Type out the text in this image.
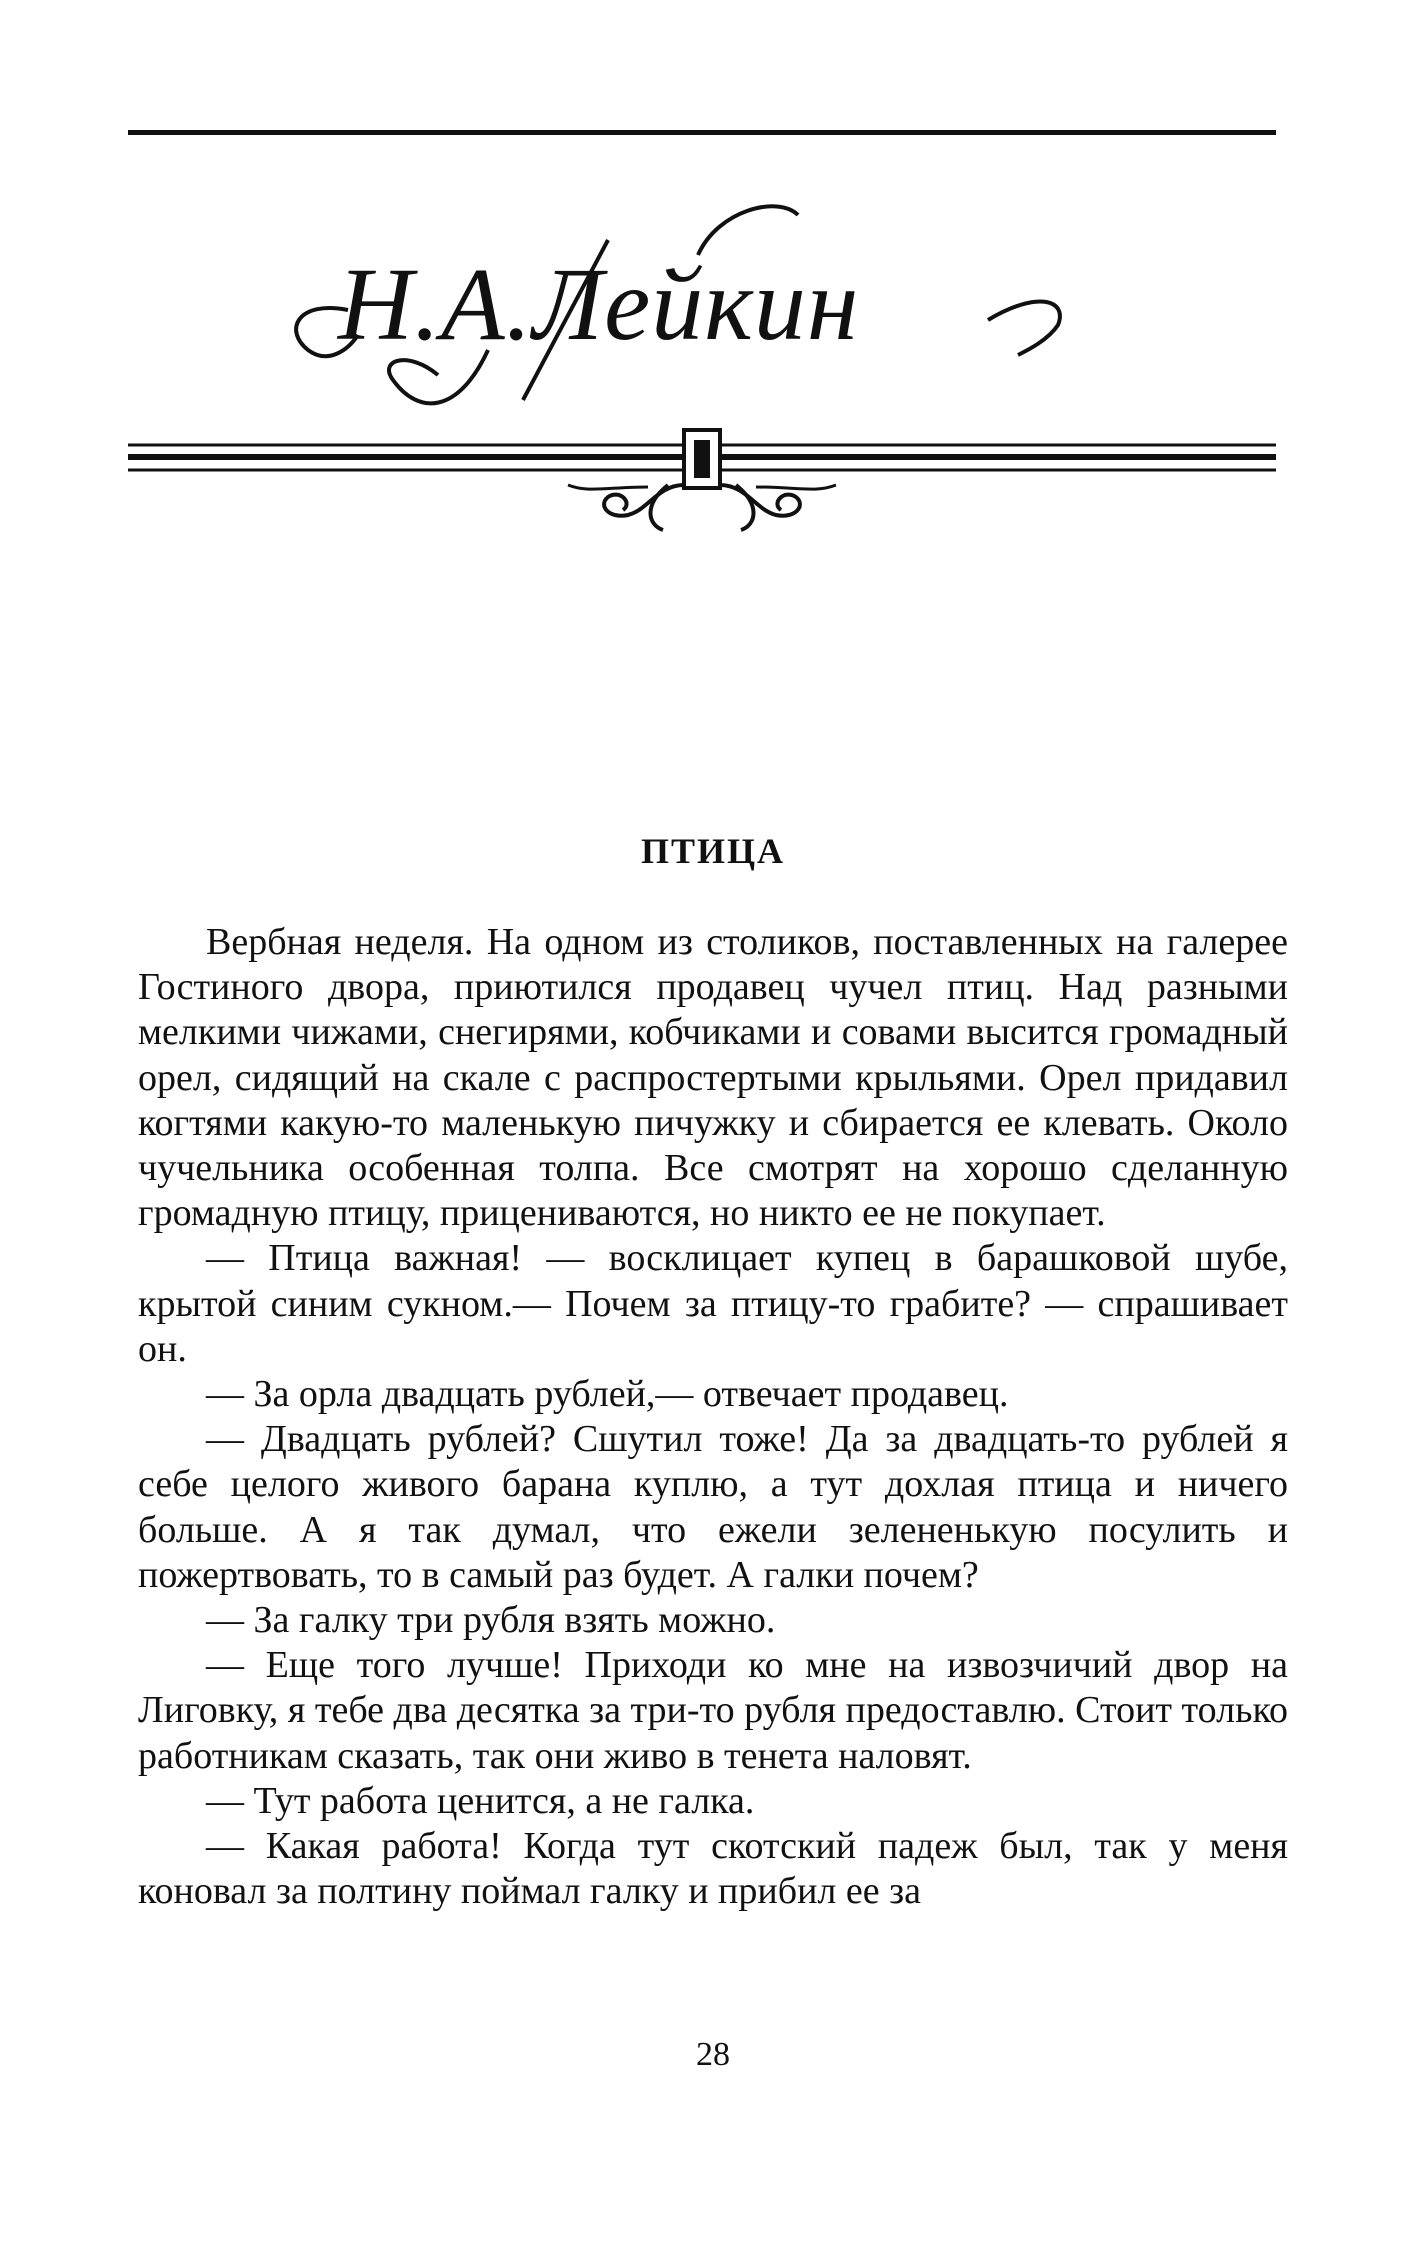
Н.А.Лейкин
ПТИЦА

Вербная неделя. На одном из столиков, поставленных на галерее Гостиного двора, приютился продавец чучел птиц. Над разными мелкими чижами, снегирями, кобчиками и совами высится громадный орел, сидящий на скале с распростертыми крыльями. Орел придавил когтями какую-то маленькую пичужку и сбирается ее клевать. Около чучельника особенная толпа. Все смотрят на хорошо сделанную громадную птицу, прицениваются, но никто ее не покупает.

— Птица важная! — восклицает купец в барашковой шубе, крытой синим сукном.— Почем за птицу-то грабите? — спрашивает он.

— За орла двадцать рублей,— отвечает продавец.

— Двадцать рублей? Сшутил тоже! Да за двадцать-то рублей я себе целого живого барана куплю, а тут дохлая птица и ничего больше. А я так думал, что ежели зелененькую посулить и пожертвовать, то в самый раз будет. А галки почем?

— За галку три рубля взять можно.

— Еще того лучше! Приходи ко мне на извозчичий двор на Лиговку, я тебе два десятка за три-то рубля предоставлю. Стоит только работникам сказать, так они живо в тенета наловят.

— Тут работа ценится, а не галка.

— Какая работа! Когда тут скотский падеж был, так у меня коновал за полтину поймал галку и прибил ее за

28
